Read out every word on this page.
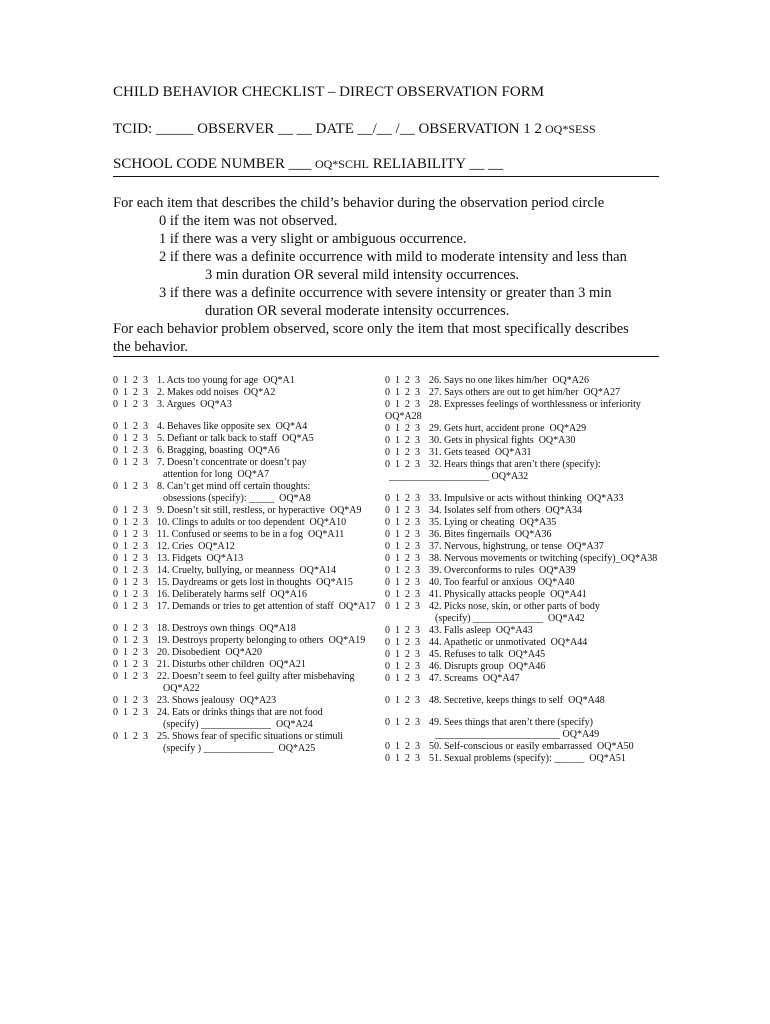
CHILD BEHAVIOR CHECKLIST – DIRECT OBSERVATION FORM
TCID: _____ OBSERVER __ __ DATE __/__ /__ OBSERVATION 1 2 OQ*SESS
SCHOOL CODE NUMBER ___ OQ*SCHL RELIABILITY __ __
For each item that describes the child’s behavior during the observation period circle
0 if the item was not observed.
1 if there was a very slight or ambiguous occurrence.
2 if there was a definite occurrence with mild to moderate intensity and less than
3 min duration OR several mild intensity occurrences.
3 if there was a definite occurrence with severe intensity or greater than 3 min
duration OR several moderate intensity occurrences.
For each behavior problem observed, score only the item that most specifically describes
the behavior.
0  1  2  3 1. Acts too young for age  OQ*A1
0  1  2  3 2. Makes odd noises  OQ*A2
0  1  2  3 3. Argues  OQ*A3
0  1  2  3 4. Behaves like opposite sex  OQ*A4
0  1  2  3 5. Defiant or talk back to staff  OQ*A5
0  1  2  3 6. Bragging, boasting  OQ*A6
0  1  2  3 7. Doesn’t concentrate or doesn’t pay
attention for long  OQ*A7
0  1  2  3 8. Can’t get mind off certain thoughts:
obsessions (specify): _____  OQ*A8
0  1  2  3 9. Doesn’t sit still, restless, or hyperactive  OQ*A9
0  1  2  3 10. Clings to adults or too dependent  OQ*A10
0  1  2  3 11. Confused or seems to be in a fog  OQ*A11
0  1  2  3 12. Cries  OQ*A12
0  1  2  3 13. Fidgets  OQ*A13
0  1  2  3 14. Cruelty, bullying, or meanness  OQ*A14
0  1  2  3 15. Daydreams or gets lost in thoughts  OQ*A15
0  1  2  3 16. Deliberately harms self  OQ*A16
0  1  2  3 17. Demands or tries to get attention of staff  OQ*A17
0  1  2  3 18. Destroys own things  OQ*A18
0  1  2  3 19. Destroys property belonging to others  OQ*A19
0  1  2  3 20. Disobedient  OQ*A20
0  1  2  3 21. Disturbs other children  OQ*A21
0  1  2  3 22. Doesn’t seem to feel guilty after misbehaving
OQ*A22
0  1  2  3 23. Shows jealousy  OQ*A23
0  1  2  3 24. Eats or drinks things that are not food
(specify) ______________  OQ*A24
0  1  2  3 25. Shows fear of specific situations or stimuli
(specify ) ______________  OQ*A25
0  1  2  3 26. Says no one likes him/her  OQ*A26
0  1  2  3 27. Says others are out to get him/her  OQ*A27
0  1  2  3 28. Expresses feelings of worthlessness or inferiority
OQ*A28
0  1  2  3 29. Gets hurt, accident prone  OQ*A29
0  1  2  3 30. Gets in physical fights  OQ*A30
0  1  2  3 31. Gets teased  OQ*A31
0  1  2  3 32. Hears things that aren’t there (specify):
____________________ OQ*A32
0  1  2  3 33. Impulsive or acts without thinking  OQ*A33
0  1  2  3 34. Isolates self from others  OQ*A34
0  1  2  3 35. Lying or cheating  OQ*A35
0  1  2  3 36. Bites fingernails  OQ*A36
0  1  2  3 37. Nervous, highstrung, or tense  OQ*A37
0  1  2  3 38. Nervous movements or twitching (specify)_OQ*A38
0  1  2  3 39. Overconforms to rules  OQ*A39
0  1  2  3 40. Too fearful or anxious  OQ*A40
0  1  2  3 41. Physically attacks people  OQ*A41
0  1  2  3 42. Picks nose, skin, or other parts of body
(specify) ______________  OQ*A42
0  1  2  3 43. Falls asleep  OQ*A43
0  1  2  3 44. Apathetic or unmotivated  OQ*A44
0  1  2  3 45. Refuses to talk  OQ*A45
0  1  2  3 46. Disrupts group  OQ*A46
0  1  2  3 47. Screams  OQ*A47
0  1  2  3 48. Secretive, keeps things to self  OQ*A48
0  1  2  3 49. Sees things that aren’t there (specify)
_________________________ OQ*A49
0  1  2  3 50. Self-conscious or easily embarrassed  OQ*A50
0  1  2  3 51. Sexual problems (specify): ______  OQ*A51
